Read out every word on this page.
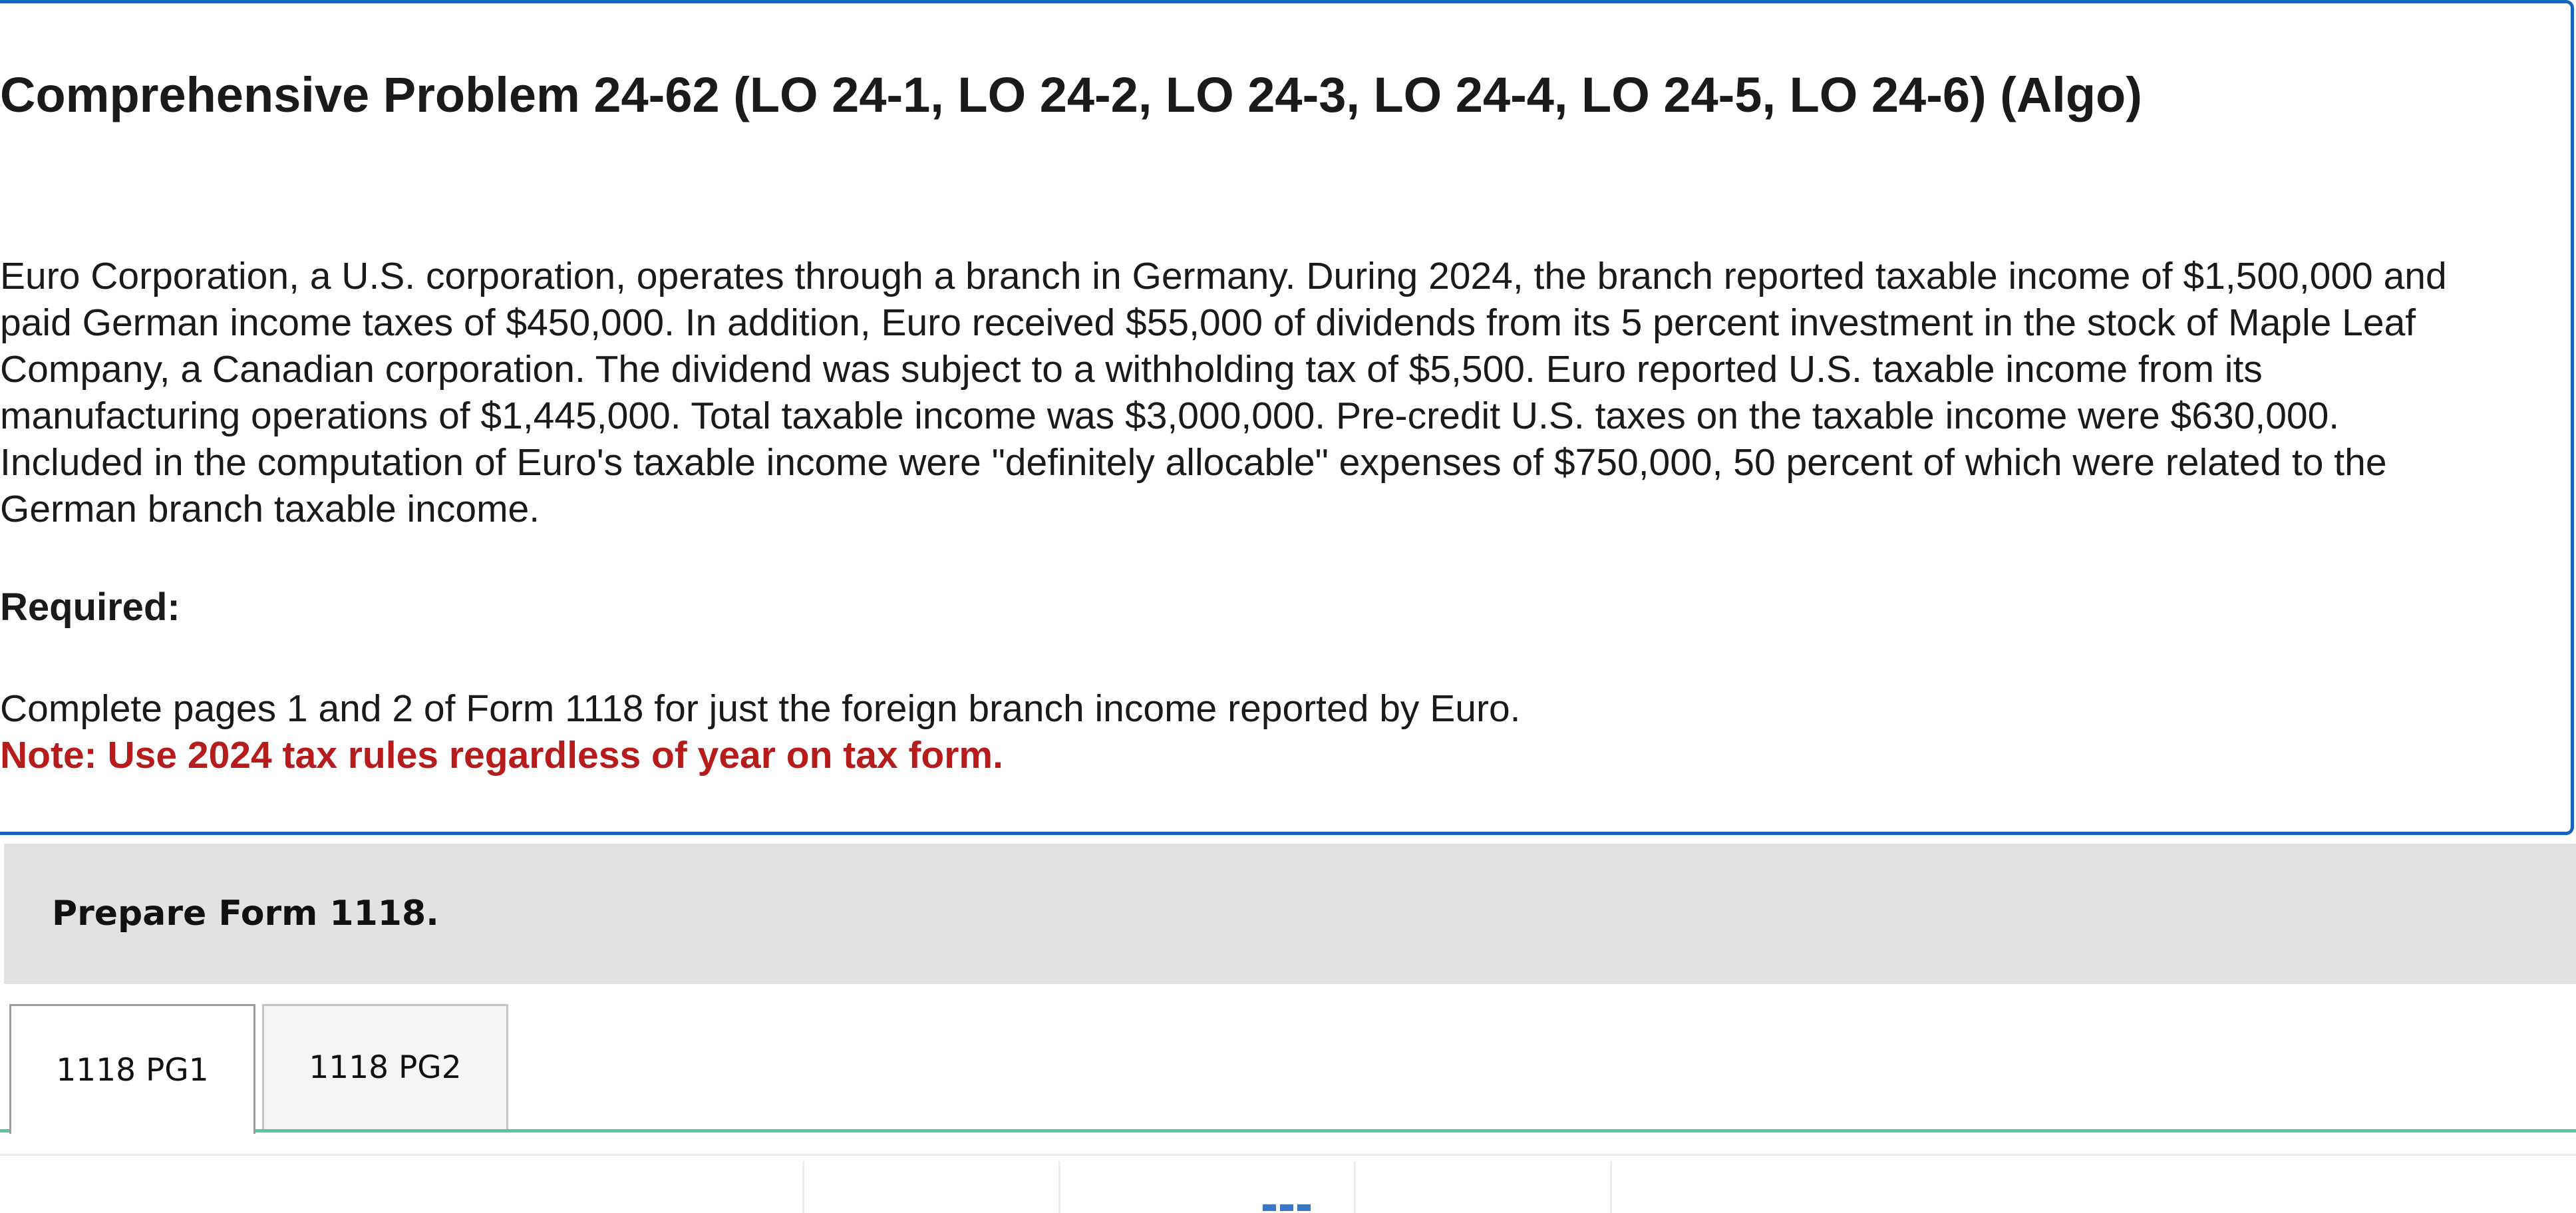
Comprehensive Problem 24-62 (LO 24-1, LO 24-2, LO 24-3, LO 24-4, LO 24-5, LO 24-6) (Algo)

Euro Corporation, a U.S. corporation, operates through a branch in Germany. During 2024, the branch reported taxable income of $1,500,000 and paid German income taxes of $450,000. In addition, Euro received $55,000 of dividends from its 5 percent investment in the stock of Maple Leaf Company, a Canadian corporation. The dividend was subject to a withholding tax of $5,500. Euro reported U.S. taxable income from its manufacturing operations of $1,445,000. Total taxable income was $3,000,000. Pre-credit U.S. taxes on the taxable income were $630,000. Included in the computation of Euro's taxable income were "definitely allocable" expenses of $750,000, 50 percent of which were related to the German branch taxable income.

Required:

Complete pages 1 and 2 of Form 1118 for just the foreign branch income reported by Euro.

Note: Use 2024 tax rules regardless of year on tax form.

Prepare Form 1118.
1118 PG1	1118 PG2
